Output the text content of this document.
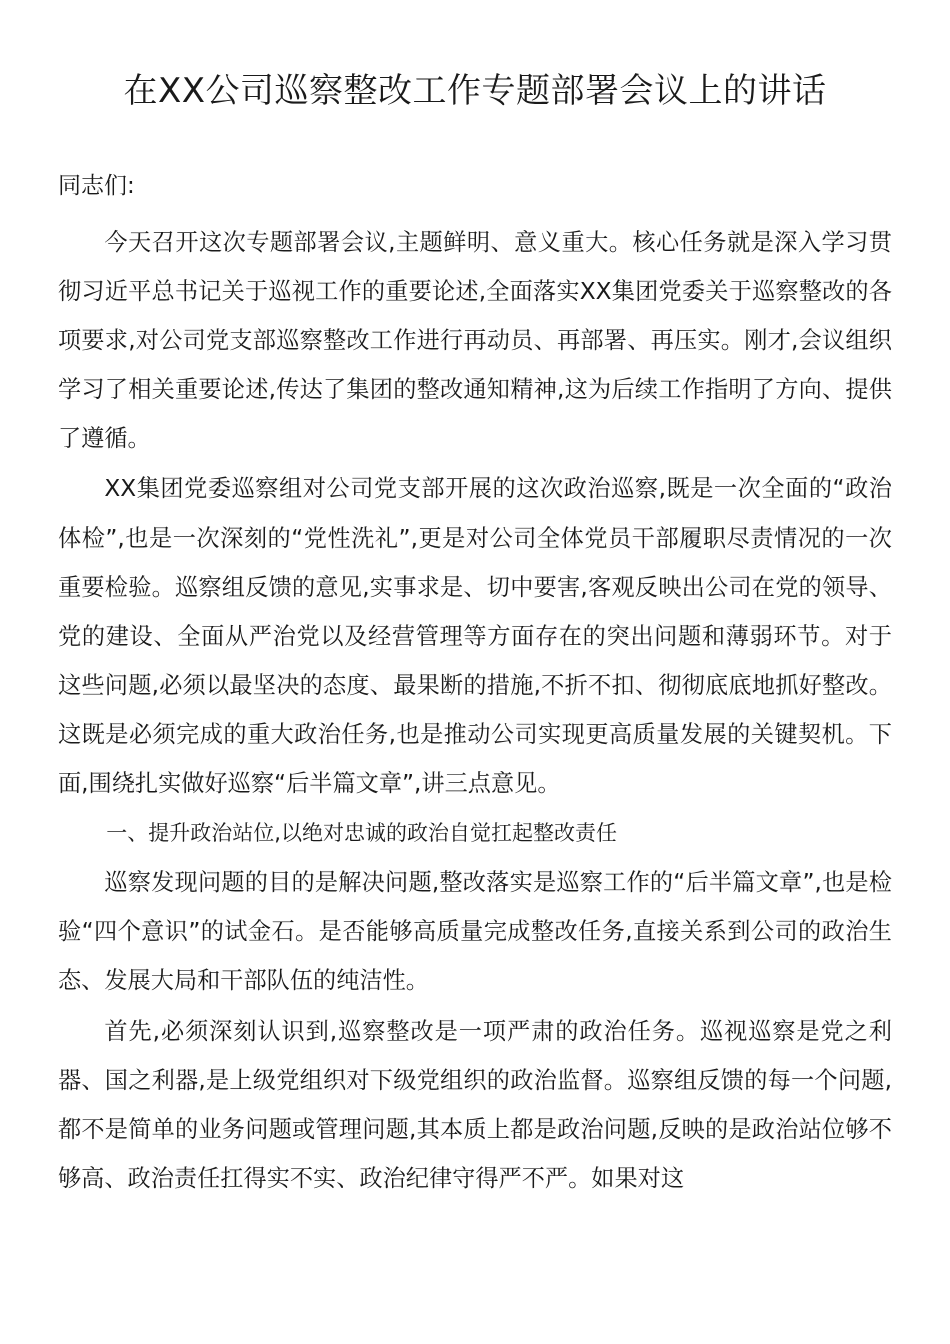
在XX公司巡察整改工作专题部署会议上的讲话

同志们:

今天召开这次专题部署会议,主题鲜明、意义重大。核心任务就是深入学习贯彻习近平总书记关于巡视工作的重要论述,全面落实XX集团党委关于巡察整改的各项要求,对公司党支部巡察整改工作进行再动员、再部署、再压实。刚才,会议组织学习了相关重要论述,传达了集团的整改通知精神,这为后续工作指明了方向、提供了遵循。

XX集团党委巡察组对公司党支部开展的这次政治巡察,既是一次全面的“政治体检”,也是一次深刻的“党性洗礼”,更是对公司全体党员干部履职尽责情况的一次重要检验。巡察组反馈的意见,实事求是、切中要害,客观反映出公司在党的领导、党的建设、全面从严治党以及经营管理等方面存在的突出问题和薄弱环节。对于这些问题,必须以最坚决的态度、最果断的措施,不折不扣、彻彻底底地抓好整改。这既是必须完成的重大政治任务,也是推动公司实现更高质量发展的关键契机。下面,围绕扎实做好巡察“后半篇文章”,讲三点意见。

一、提升政治站位,以绝对忠诚的政治自觉扛起整改责任

巡察发现问题的目的是解决问题,整改落实是巡察工作的“后半篇文章”,也是检验“四个意识”的试金石。是否能够高质量完成整改任务,直接关系到公司的政治生态、发展大局和干部队伍的纯洁性。

首先,必须深刻认识到,巡察整改是一项严肃的政治任务。巡视巡察是党之利器、国之利器,是上级党组织对下级党组织的政治监督。巡察组反馈的每一个问题,都不是简单的业务问题或管理问题,其本质上都是政治问题,反映的是政治站位够不够高、政治责任扛得实不实、政治纪律守得严不严。如果对这
